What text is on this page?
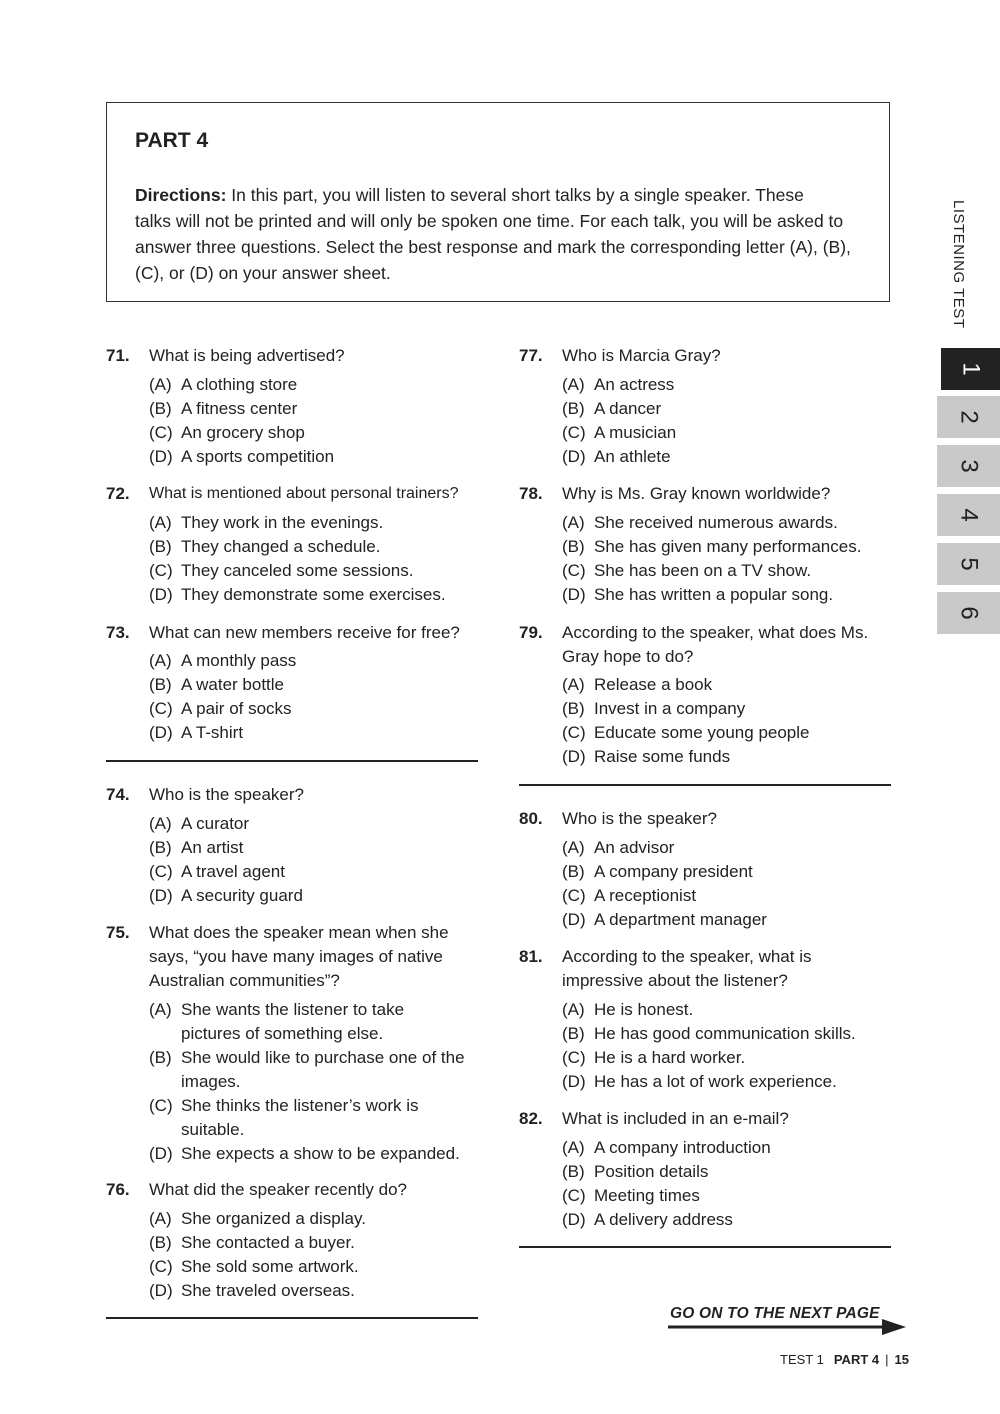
PART 4
Directions: In this part, you will listen to several short talks by a single speaker. These
talks will not be printed and will only be spoken one time. For each talk, you will be asked to
answer three questions. Select the best response and mark the corresponding letter (A), (B),
(C), or (D) on your answer sheet.	LISTENING TEST
1
2
3
4
5
6
71. What is being advertised?
(A) A clothing store
(B) A fitness center
(C) An grocery shop
(D) A sports competition
72. What is mentioned about personal trainers?
(A) They work in the evenings.
(B) They changed a schedule.
(C) They canceled some sessions.
(D) They demonstrate some exercises.
73. What can new members receive for free?
(A) A monthly pass
(B) A water bottle
(C) A pair of socks
(D) A T-shirt
74. Who is the speaker?
(A) A curator
(B) An artist
(C) A travel agent
(D) A security guard
75. What does the speaker mean when she
says, “you have many images of native
Australian communities”?
(A) She wants the listener to take
pictures of something else.
(B) She would like to purchase one of the
images.
(C) She thinks the listener’s work is
suitable.
(D) She expects a show to be expanded.
76. What did the speaker recently do?
(A) She organized a display.
(B) She contacted a buyer.
(C) She sold some artwork.
(D) She traveled overseas.
77. Who is Marcia Gray?
(A) An actress
(B) A dancer
(C) A musician
(D) An athlete
78. Why is Ms. Gray known worldwide?
(A) She received numerous awards.
(B) She has given many performances.
(C) She has been on a TV show.
(D) She has written a popular song.
79. According to the speaker, what does Ms.
Gray hope to do?
(A) Release a book
(B) Invest in a company
(C) Educate some young people
(D) Raise some funds
80. Who is the speaker?
(A) An advisor
(B) A company president
(C) A receptionist
(D) A department manager
81. According to the speaker, what is
impressive about the listener?
(A) He is honest.
(B) He has good communication skills.
(C) He is a hard worker.
(D) He has a lot of work experience.
82. What is included in an e-mail?
(A) A company introduction
(B) Position details
(C) Meeting times
(D) A delivery address
GO ON TO THE NEXT PAGE
TEST 1 PART 4 | 15
